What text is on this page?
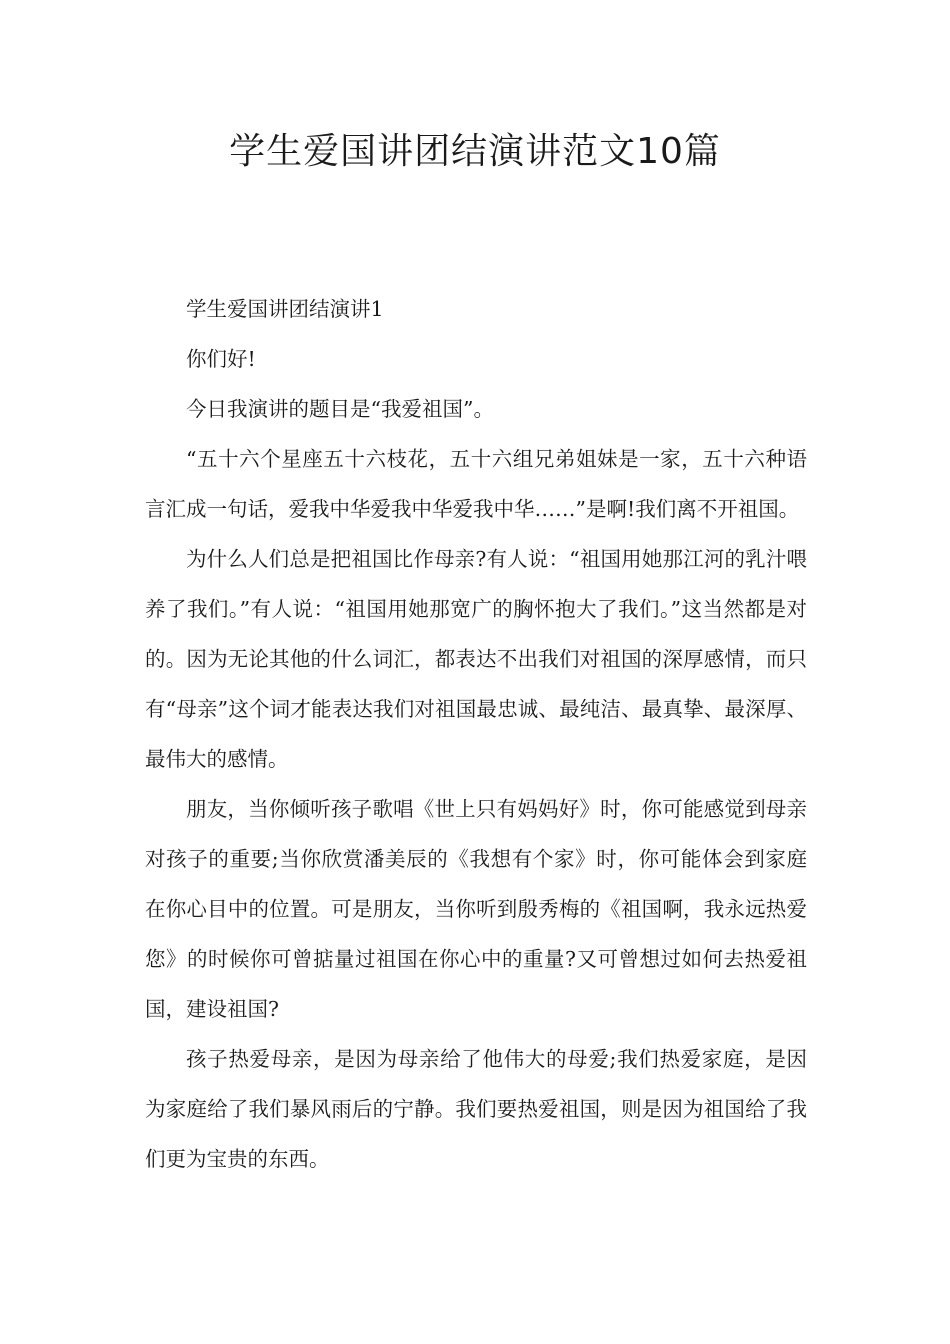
学生爱国讲团结演讲范文10篇

学生爱国讲团结演讲1

你们好!

今日我演讲的题目是“我爱祖国”。

“五十六个星座五十六枝花，五十六组兄弟姐妹是一家，五十六种语言汇成一句话，爱我中华爱我中华爱我中华……”是啊!我们离不开祖国。

为什么人们总是把祖国比作母亲?有人说：“祖国用她那江河的乳汁喂养了我们。”有人说：“祖国用她那宽广的胸怀抱大了我们。”这当然都是对的。因为无论其他的什么词汇，都表达不出我们对祖国的深厚感情，而只有“母亲”这个词才能表达我们对祖国最忠诚、最纯洁、最真挚、最深厚、最伟大的感情。

朋友，当你倾听孩子歌唱《世上只有妈妈好》时，你可能感觉到母亲对孩子的重要;当你欣赏潘美辰的《我想有个家》时，你可能体会到家庭在你心目中的位置。可是朋友，当你听到殷秀梅的《祖国啊，我永远热爱您》的时候你可曾掂量过祖国在你心中的重量?又可曾想过如何去热爱祖国，建设祖国?

孩子热爱母亲，是因为母亲给了他伟大的母爱;我们热爱家庭，是因为家庭给了我们暴风雨后的宁静。我们要热爱祖国，则是因为祖国给了我们更为宝贵的东西。
